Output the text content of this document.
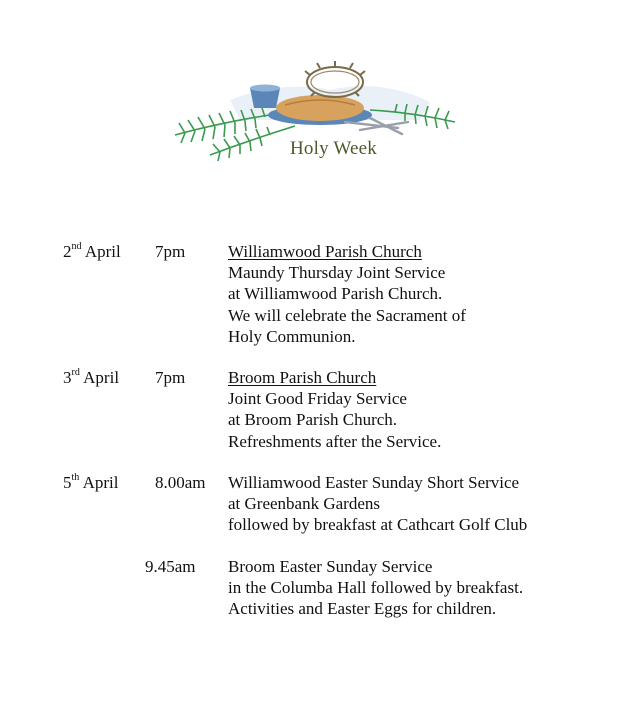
Holy Week
2nd April 7pm	Williamwood Parish Church
Maundy Thursday Joint Service
at Williamwood Parish Church.
We will celebrate the Sacrament of
Holy Communion.
3rd April 7pm	Broom Parish Church
Joint Good Friday Service
at Broom Parish Church.
Refreshments after the Service.
5th April 8.00am Williamwood Easter Sunday Short Service
at Greenbank Gardens
followed by breakfast at Cathcart Golf Club
9.45am Broom Easter Sunday Service
in the Columba Hall followed by breakfast.
Activities and Easter Eggs for children.
